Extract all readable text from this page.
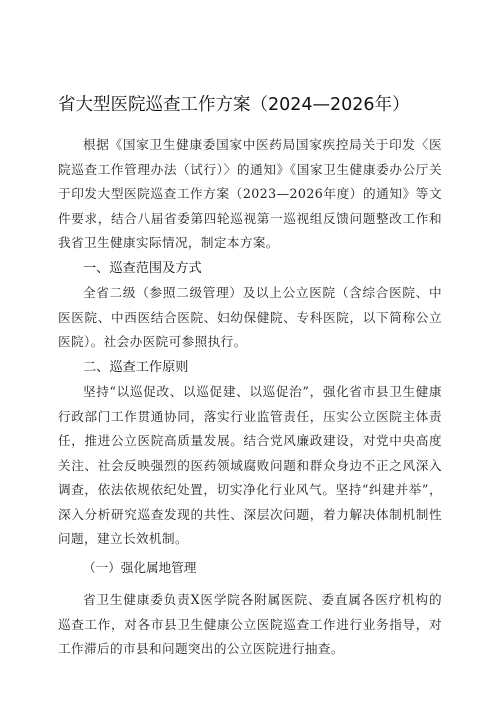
省大型医院巡查工作方案（2024—2026年）

根据《国家卫生健康委国家中医药局国家疾控局关于印发〈医院巡查工作管理办法（试行）〉的通知》《国家卫生健康委办公厅关于印发大型医院巡查工作方案（2023—2026年度）的通知》等文件要求，结合八届省委第四轮巡视第一巡视组反馈问题整改工作和我省卫生健康实际情况，制定本方案。

一、巡查范围及方式

全省二级（参照二级管理）及以上公立医院（含综合医院、中医医院、中西医结合医院、妇幼保健院、专科医院，以下简称公立医院）。社会办医院可参照执行。

二、巡查工作原则

坚持“以巡促改、以巡促建、以巡促治”，强化省市县卫生健康行政部门工作贯通协同，落实行业监管责任，压实公立医院主体责任，推进公立医院高质量发展。结合党风廉政建设，对党中央高度关注、社会反映强烈的医药领域腐败问题和群众身边不正之风深入调查，依法依规依纪处置，切实净化行业风气。坚持“纠建并举”，深入分析研究巡查发现的共性、深层次问题，着力解决体制机制性问题，建立长效机制。

（一）强化属地管理

省卫生健康委负责X医学院各附属医院、委直属各医疗机构的巡查工作，对各市县卫生健康公立医院巡查工作进行业务指导，对工作滞后的市县和问题突出的公立医院进行抽查。
